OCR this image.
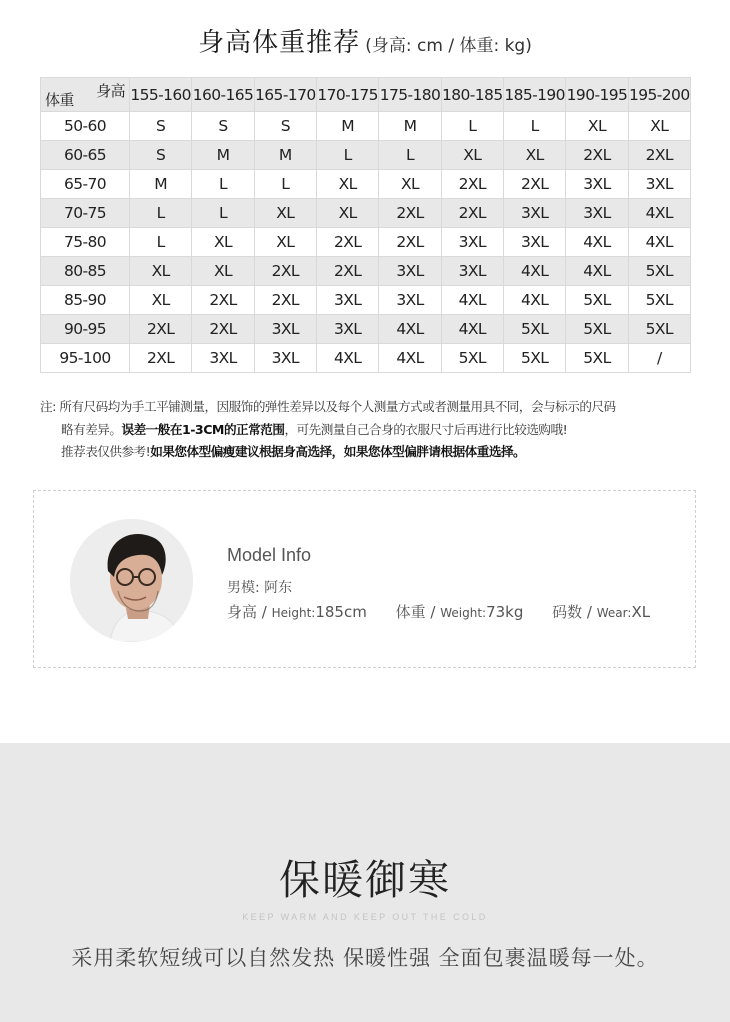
身高体重推荐 (身高: cm / 体重: kg)
身高
体重	155-160	160-165	165-170	170-175	175-180	180-185	185-190	190-195	195-200
50-60	S	S	S	M	M	L	L	XL	XL
60-65	S	M	M	L	L	XL	XL	2XL	2XL
65-70	M	L	L	XL	XL	2XL	2XL	3XL	3XL
70-75	L	L	XL	XL	2XL	2XL	3XL	3XL	4XL
75-80	L	XL	XL	2XL	2XL	3XL	3XL	4XL	4XL
80-85	XL	XL	2XL	2XL	3XL	3XL	4XL	4XL	5XL
85-90	XL	2XL	2XL	3XL	3XL	4XL	4XL	5XL	5XL
90-95	2XL	2XL	3XL	3XL	4XL	4XL	5XL	5XL	5XL
95-100	2XL	3XL	3XL	4XL	4XL	5XL	5XL	5XL	/
注: 所有尺码均为手工平铺测量，因服饰的弹性差异以及每个人测量方式或者测量用具不同，会与标示的尺码
略有差异。误差一般在1-3CM的正常范围，可先测量自己合身的衣服尺寸后再进行比较选购哦!
推荐表仅供参考!如果您体型偏瘦建议根据身高选择，如果您体型偏胖请根据体重选择。
Model Info
男模: 阿东
身高 / Height:185cm 体重 / Weight:73kg 码数 / Wear:XL
保暖御寒
KEEP WARM AND KEEP OUT THE COLD
采用柔软短绒可以自然发热 保暖性强 全面包裹温暖每一处。
